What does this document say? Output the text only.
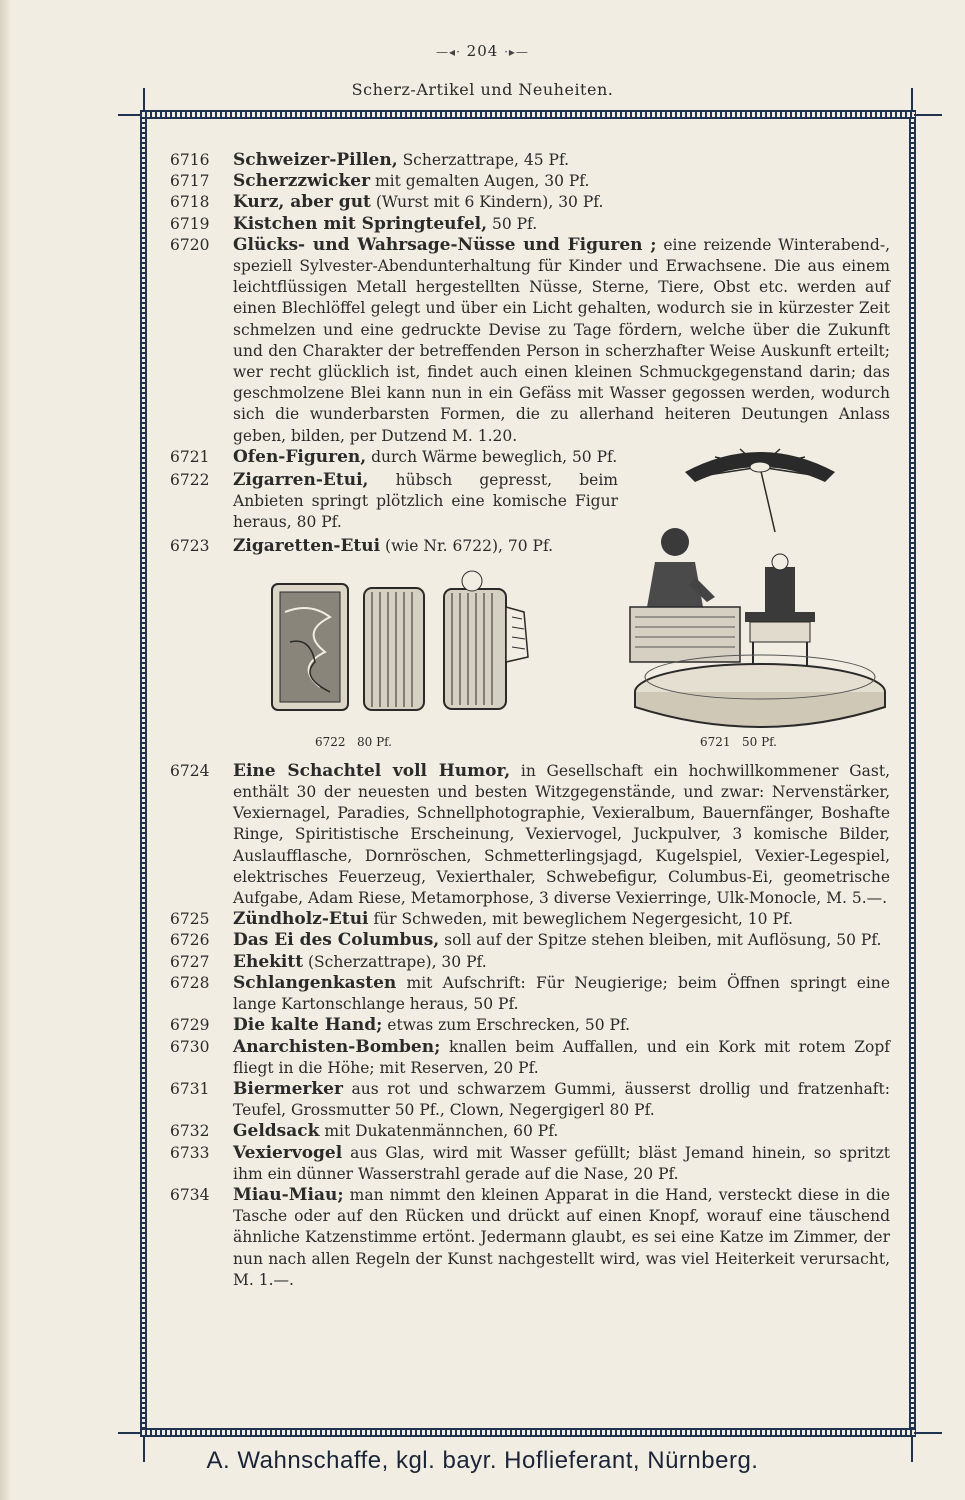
—◂· 204 ·▸—
Scherz-Artikel und Neuheiten.
6716 Schweizer-Pillen, Scherzattrape, 45 Pf.
6717 Scherzzwicker mit gemalten Augen, 30 Pf.
6718 Kurz, aber gut (Wurst mit 6 Kindern), 30 Pf.
6719 Kistchen mit Springteufel, 50 Pf.
6720 Glücks- und Wahrsage-Nüsse und Figuren ; eine reizende Winterabend-, speziell Sylvester-Abendunterhaltung für Kinder und Erwachsene. Die aus einem leichtflüssigen Metall hergestellten Nüsse, Sterne, Tiere, Obst etc. werden auf einen Blechlöffel gelegt und über ein Licht gehalten, wodurch sie in kürzester Zeit schmelzen und eine gedruckte Devise zu Tage fördern, welche über die Zukunft und den Charakter der betreffenden Person in scherzhafter Weise Auskunft erteilt; wer recht glücklich ist, findet auch einen kleinen Schmuckgegenstand darin; das geschmolzene Blei kann nun in ein Gefäss mit Wasser gegossen werden, wodurch sich die wunderbarsten Formen, die zu allerhand heiteren Deutungen Anlass geben, bilden, per Dutzend M. 1.20.
6721 Ofen-Figuren, durch Wärme beweglich, 50 Pf.
6722 Zigarren-Etui, hübsch gepresst, beim Anbieten springt plötzlich eine komische Figur heraus, 80 Pf.
6723 Zigaretten-Etui (wie Nr. 6722), 70 Pf.
6722   80 Pf.	6721   50 Pf.
6724 Eine Schachtel voll Humor, in Gesellschaft ein hochwillkommener Gast, enthält 30 der neuesten und besten Witzgegenstände, und zwar: Nervenstärker, Vexiernagel, Paradies, Schnellphotographie, Vexieralbum, Bauernfänger, Boshafte Ringe, Spiritistische Erscheinung, Vexiervogel, Juckpulver, 3 komische Bilder, Auslaufflasche, Dornröschen, Schmetterlingsjagd, Kugelspiel, Vexier-Legespiel, elektrisches Feuerzeug, Vexierthaler, Schwebefigur, Columbus-Ei, geometrische Aufgabe, Adam Riese, Metamorphose, 3 diverse Vexierringe, Ulk-Monocle, M. 5.—.
6725 Zündholz-Etui für Schweden, mit beweglichem Negergesicht, 10 Pf.
6726 Das Ei des Columbus, soll auf der Spitze stehen bleiben, mit Auflösung, 50 Pf.
6727 Ehekitt (Scherzattrape), 30 Pf.
6728 Schlangenkasten mit Aufschrift: Für Neugierige; beim Öffnen springt eine lange Kartonschlange heraus, 50 Pf.
6729 Die kalte Hand; etwas zum Erschrecken, 50 Pf.
6730 Anarchisten-Bomben; knallen beim Auffallen, und ein Kork mit rotem Zopf fliegt in die Höhe; mit Reserven, 20 Pf.
6731 Biermerker aus rot und schwarzem Gummi, äusserst drollig und fratzenhaft: Teufel, Grossmutter 50 Pf., Clown, Negergigerl 80 Pf.
6732 Geldsack mit Dukatenmännchen, 60 Pf.
6733 Vexiervogel aus Glas, wird mit Wasser gefüllt; bläst Jemand hinein, so spritzt ihm ein dünner Wasserstrahl gerade auf die Nase, 20 Pf.
6734 Miau-Miau; man nimmt den kleinen Apparat in die Hand, versteckt diese in die Tasche oder auf den Rücken und drückt auf einen Knopf, worauf eine täuschend ähnliche Katzenstimme ertönt. Jedermann glaubt, es sei eine Katze im Zimmer, der nun nach allen Regeln der Kunst nachgestellt wird, was viel Heiterkeit verursacht, M. 1.—.
A. Wahnschaffe, kgl. bayr. Hoflieferant, Nürnberg.
